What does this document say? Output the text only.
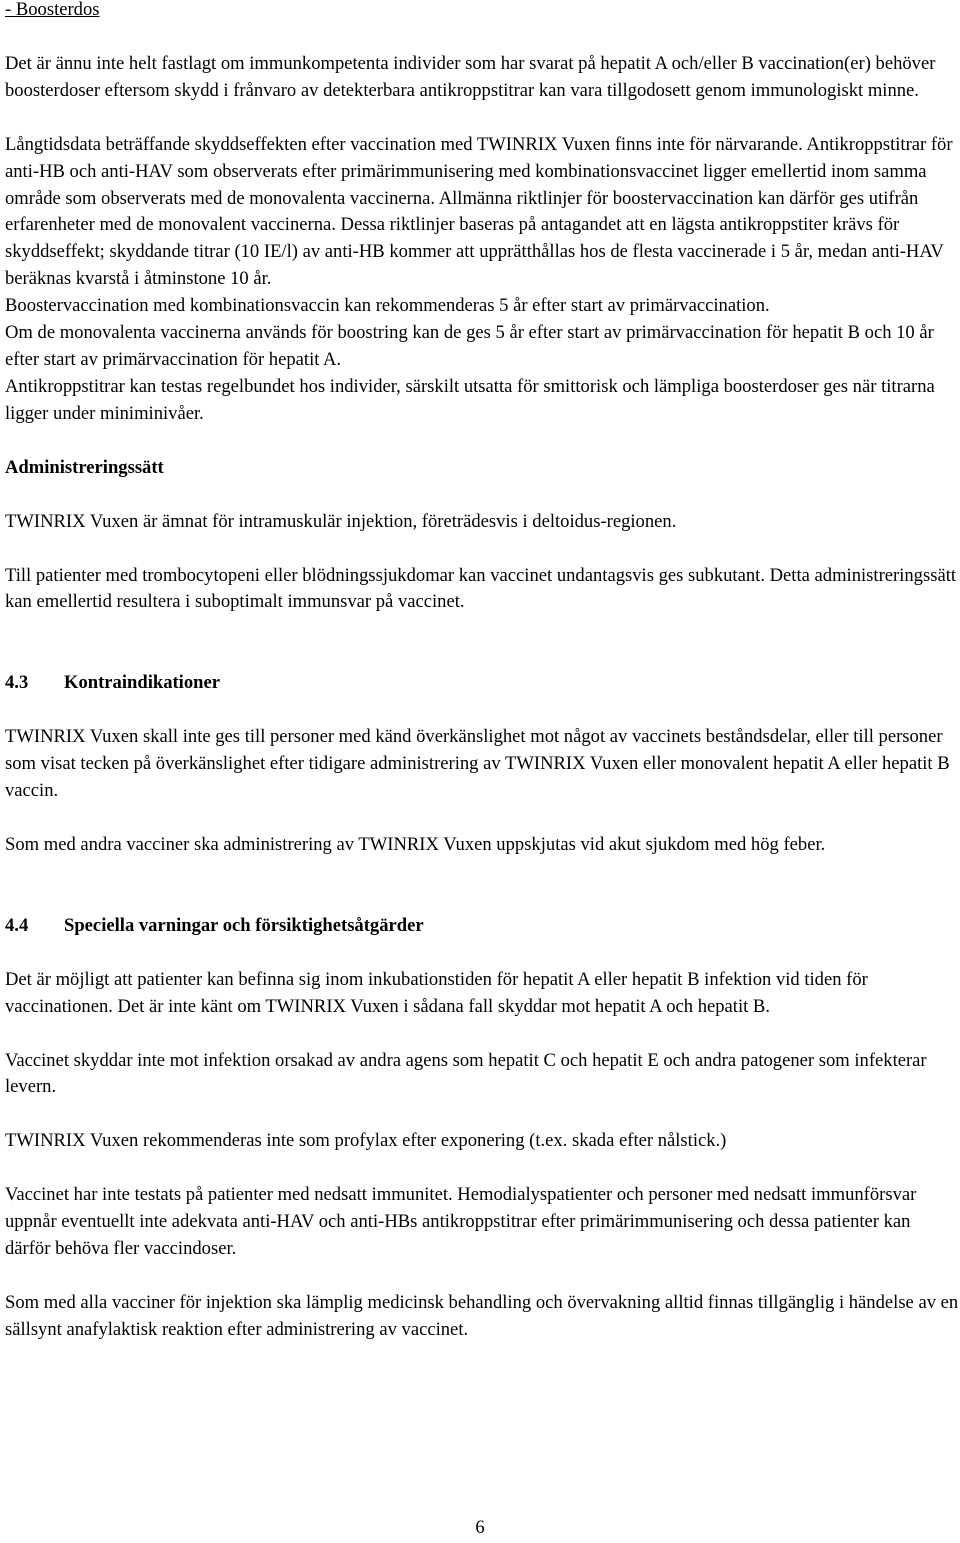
- Boosterdos

Det är ännu inte helt fastlagt om immunkompetenta individer som har svarat på hepatit A och/eller B vaccination(er) behöver boosterdoser eftersom skydd i frånvaro av detekterbara antikroppstitrar kan vara tillgodosett genom immunologiskt minne.

Långtidsdata beträffande skyddseffekten efter vaccination med TWINRIX Vuxen finns inte för närvarande. Antikroppstitrar för anti-HB och anti-HAV som observerats efter primärimmunisering med kombinationsvaccinet ligger emellertid inom samma område som observerats med de monovalenta vaccinerna. Allmänna riktlinjer för boostervaccination kan därför ges utifrån erfarenheter med de monovalent vaccinerna. Dessa riktlinjer baseras på antagandet att en lägsta antikroppstiter krävs för skyddseffekt; skyddande titrar (10 IE/l) av anti-HB kommer att upprätthållas hos de flesta vaccinerade i 5 år, medan anti-HAV beräknas kvarstå i åtminstone 10 år.

Boostervaccination med kombinationsvaccin kan rekommenderas 5 år efter start av primärvaccination.

Om de monovalenta vaccinerna används för boostring kan de ges 5 år efter start av primärvaccination för hepatit B och 10 år efter start av primärvaccination för hepatit A.

Antikroppstitrar kan testas regelbundet hos individer, särskilt utsatta för smittorisk och lämpliga boosterdoser ges när titrarna ligger under miniminivåer.

Administreringssätt

TWINRIX Vuxen är ämnat för intramuskulär injektion, företrädesvis i deltoidus-regionen.

Till patienter med trombocytopeni eller blödningssjukdomar kan vaccinet undantagsvis ges subkutant. Detta administreringssätt kan emellertid resultera i suboptimalt immunsvar på vaccinet.

4.3 Kontraindikationer

TWINRIX Vuxen skall inte ges till personer med känd överkänslighet mot något av vaccinets beståndsdelar, eller till personer som visat tecken på överkänslighet efter tidigare administrering av TWINRIX Vuxen eller monovalent hepatit A eller hepatit B vaccin.

Som med andra vacciner ska administrering av TWINRIX Vuxen uppskjutas vid akut sjukdom med hög feber.

4.4 Speciella varningar och försiktighetsåtgärder

Det är möjligt att patienter kan befinna sig inom inkubationstiden för hepatit A eller hepatit B infektion vid tiden för vaccinationen. Det är inte känt om TWINRIX Vuxen i sådana fall skyddar mot hepatit A och hepatit B.

Vaccinet skyddar inte mot infektion orsakad av andra agens som hepatit C och hepatit E och andra patogener som infekterar levern.

TWINRIX Vuxen rekommenderas inte som profylax efter exponering (t.ex. skada efter nålstick.)

Vaccinet har inte testats på patienter med nedsatt immunitet. Hemodialyspatienter och personer med nedsatt immunförsvar uppnår eventuellt inte adekvata anti-HAV och anti-HBs antikroppstitrar efter primärimmunisering och dessa patienter kan därför behöva fler vaccindoser.

Som med alla vacciner för injektion ska lämplig medicinsk behandling och övervakning alltid finnas tillgänglig i händelse av en sällsynt anafylaktisk reaktion efter administrering av vaccinet.

6
